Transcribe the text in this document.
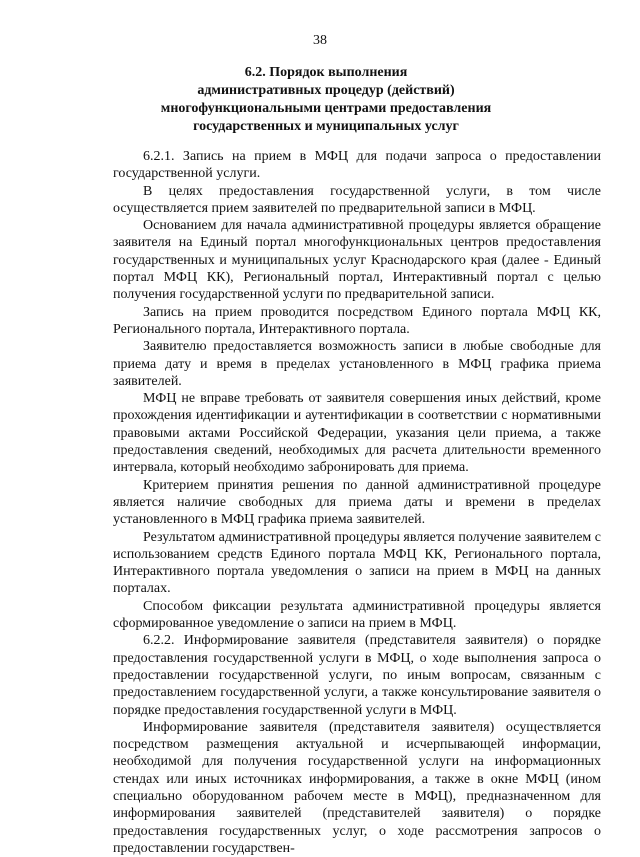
38
6.2. Порядок выполнения
административных процедур (действий)
многофункциональными центрами предоставления
государственных и муниципальных услуг

6.2.1. Запись на прием в МФЦ для подачи запроса о предоставлении государственной услуги.

В целях предоставления государственной услуги, в том числе осуществляется прием заявителей по предварительной записи в МФЦ.

Основанием для начала административной процедуры является обращение заявителя на Единый портал многофункциональных центров предоставления государственных и муниципальных услуг Краснодарского края (далее - Единый портал МФЦ КК), Региональный портал, Интерактивный портал с целью получения государственной услуги по предварительной записи.

Запись на прием проводится посредством Единого портала МФЦ КК, Регионального портала, Интерактивного портала.

Заявителю предоставляется возможность записи в любые свободные для приема дату и время в пределах установленного в МФЦ графика приема заявителей.

МФЦ не вправе требовать от заявителя совершения иных действий, кроме прохождения идентификации и аутентификации в соответствии с нормативными правовыми актами Российской Федерации, указания цели приема, а также предоставления сведений, необходимых для расчета длительности временного интервала, который необходимо забронировать для приема.

Критерием принятия решения по данной административной процедуре является наличие свободных для приема даты и времени в пределах установленного в МФЦ графика приема заявителей.

Результатом административной процедуры является получение заявителем с использованием средств Единого портала МФЦ КК, Регионального портала, Интерактивного портала уведомления о записи на прием в МФЦ на данных порталах.

Способом фиксации результата административной процедуры является сформированное уведомление о записи на прием в МФЦ.

6.2.2. Информирование заявителя (представителя заявителя) о порядке предоставления государственной услуги в МФЦ, о ходе выполнения запроса о предоставлении государственной услуги, по иным вопросам, связанным с предоставлением государственной услуги, а также консультирование заявителя о порядке предоставления государственной услуги в МФЦ.

Информирование заявителя (представителя заявителя) осуществляется посредством размещения актуальной и исчерпывающей информации, необходимой для получения государственной услуги на информационных стендах или иных источниках информирования, а также в окне МФЦ (ином специально оборудованном рабочем месте в МФЦ), предназначенном для информирования заявителей (представителей заявителя) о порядке предоставления государственных услуг, о ходе рассмотрения запросов о предоставлении государствен-
